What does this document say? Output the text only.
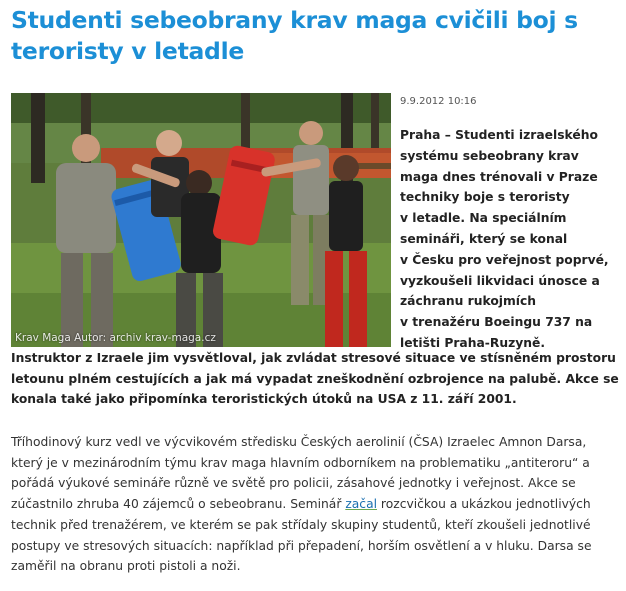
Studenti sebeobrany krav maga cvičili boj s teroristy v letadle
Krav Maga Autor: archiv krav-maga.cz
9.9.2012 10:16
Praha – Studenti izraelského
systému sebeobrany krav
maga dnes trénovali v Praze
techniky boje s teroristy
v letadle. Na speciálním
semináři, který se konal
v Česku pro veřejnost poprvé,
vyzkoušeli likvidaci únosce a
záchranu rukojmích
v trenažéru Boeingu 737 na
letišti Praha-Ruzyně.
Instruktor z Izraele jim vysvětloval, jak zvládat stresové situace ve stísněném prostoru
letounu plném cestujících a jak má vypadat zneškodnění ozbrojence na palubě. Akce se
konala také jako připomínka teroristických útoků na USA z 11. září 2001.
Tříhodinový kurz vedl ve výcvikovém středisku Českých aerolinií (ČSA) Izraelec Amnon Darsa,
který je v mezinárodním týmu krav maga hlavním odborníkem na problematiku „antiteroru“ a
pořádá výukové semináře různě ve světě pro policii, zásahové jednotky i veřejnost. Akce se
zúčastnilo zhruba 40 zájemců o sebeobranu. Seminář začal rozcvičkou a ukázkou jednotlivých
technik před trenažérem, ve kterém se pak střídaly skupiny studentů, kteří zkoušeli jednotlivé
postupy ve stresových situacích: například při přepadení, horším osvětlení a v hluku. Darsa se
zaměřil na obranu proti pistoli a noži.
